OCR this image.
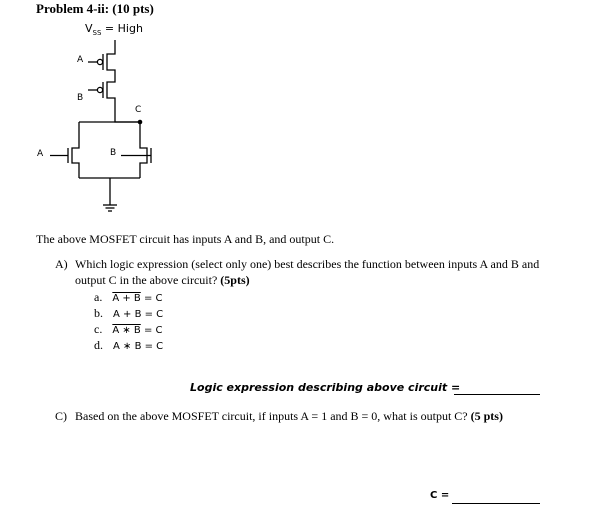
Problem 4-ii: (10 pts)
$V_{SS}$ = High
A
B
C
A	B
The above MOSFET circuit has inputs A and B, and output C.
A) Which logic expression (select only one) best describes the function between inputs A and B and
output C in the above circuit? (5pts)
a. A + B = C
b. A + B = C
c. A ∗ B = C
d. A ∗ B = C
Logic expression describing above circuit =
C) Based on the above MOSFET circuit, if inputs A = 1 and B = 0, what is output C? (5 pts)
C =
